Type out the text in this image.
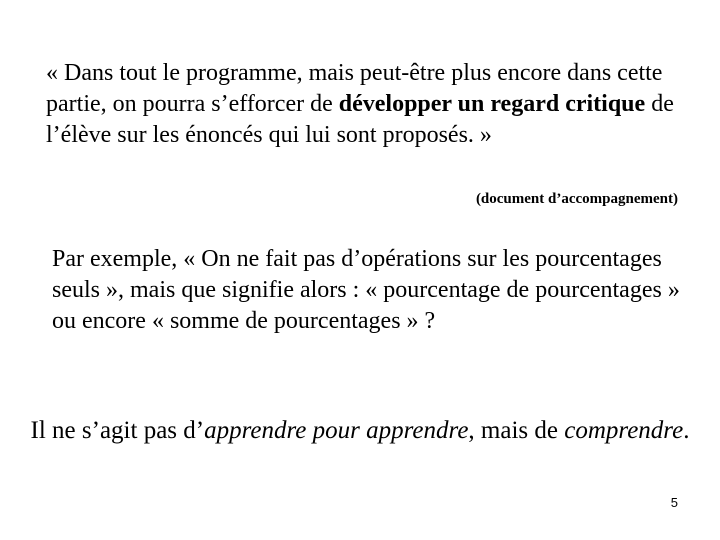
« Dans tout le programme, mais peut-être plus encore dans cette partie, on pourra s’efforcer de développer un regard critique de l’élève sur les énoncés qui lui sont proposés. »

(document d’accompagnement)

Par exemple, « On ne fait pas d’opérations sur les pourcentages seuls », mais que signifie alors : « pourcentage de pourcentages » ou encore « somme de pourcentages » ?

Il ne s’agit pas d’apprendre pour apprendre, mais de comprendre.

5
